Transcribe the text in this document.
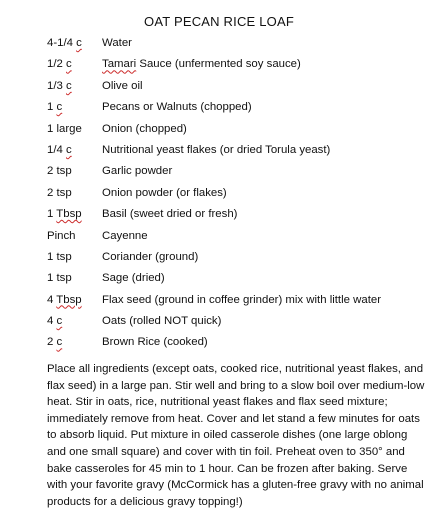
OAT PECAN RICE LOAF
4-1/4 c	Water
1/2 c	Tamari Sauce (unfermented soy sauce)
1/3 c	Olive oil
1 c	Pecans or Walnuts (chopped)
1 large	Onion (chopped)
1/4 c	Nutritional yeast flakes (or dried Torula yeast)
2 tsp	Garlic powder
2 tsp	Onion powder (or flakes)
1 Tbsp	Basil (sweet dried or fresh)
Pinch	Cayenne
1 tsp	Coriander (ground)
1 tsp	Sage (dried)
4 Tbsp	Flax seed (ground in coffee grinder) mix with little water
4 c	Oats (rolled NOT quick)
2 c	Brown Rice (cooked)
Place all ingredients (except oats, cooked rice, nutritional yeast flakes, and flax seed) in a large pan. Stir well and bring to a slow boil over medium-low heat. Stir in oats, rice, nutritional yeast flakes and flax seed mixture; immediately remove from heat. Cover and let stand a few minutes for oats to absorb liquid. Put mixture in oiled casserole dishes (one large oblong and one small square) and cover with tin foil. Preheat oven to 350° and bake casseroles for 45 min to 1 hour. Can be frozen after baking. Serve with your favorite gravy (McCormick has a gluten-free gravy with no animal products for a delicious gravy topping!)
